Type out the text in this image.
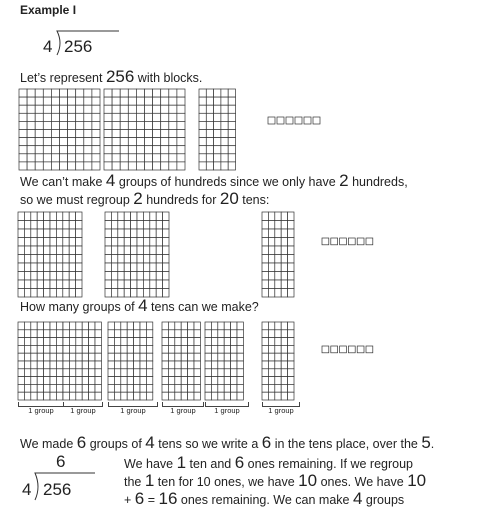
Example I
4 256
Let’s represent 256 with blocks.
We can’t make 4 groups of hundreds since we only have 2 hundreds,
so we must regroup 2 hundreds for 20 tens:
How many groups of 4 tens can we make?
1 group	1 group	1 group	1 group	1 group	1 group
We made 6 groups of 4 tens so we write a 6 in the tens place, over the 5.
6
4 256
We have 1 ten and 6 ones remaining. If we regroup
the 1 ten for 10 ones, we have 10 ones. We have 10
+ 6 = 16 ones remaining. We can make 4 groups
